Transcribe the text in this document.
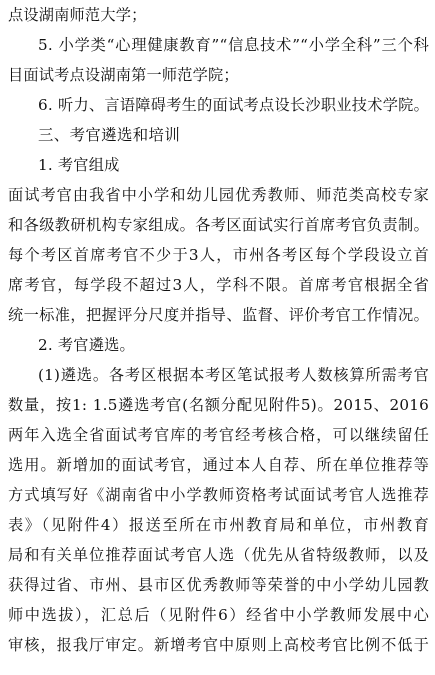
点设湖南师范大学；
5. 小学类“心理健康教育”“信息技术”“小学全科”三个科
目面试考点设湖南第一师范学院；
6. 听力、言语障碍考生的面试考点设长沙职业技术学院。
三、考官遴选和培训
1. 考官组成
面试考官由我省中小学和幼儿园优秀教师、师范类高校专家
和各级教研机构专家组成。各考区面试实行首席考官负责制。
每个考区首席考官不少于3人，市州各考区每个学段设立首
席考官，每学段不超过3人，学科不限。首席考官根据全省
统一标准，把握评分尺度并指导、监督、评价考官工作情况。
2. 考官遴选。
(1)遴选。各考区根据本考区笔试报考人数核算所需考官
数量，按1: 1.5遴选考官(名额分配见附件5)。2015、2016
两年入选全省面试考官库的考官经考核合格，可以继续留任
选用。新增加的面试考官，通过本人自荐、所在单位推荐等
方式填写好《湖南省中小学教师资格考试面试考官人选推荐
表》（见附件4）报送至所在市州教育局和单位，市州教育
局和有关单位推荐面试考官人选（优先从省特级教师，以及
获得过省、市州、县市区优秀教师等荣誉的中小学幼儿园教
师中选拔），汇总后（见附件6）经省中小学教师发展中心
审核，报我厅审定。新增考官中原则上高校考官比例不低于
